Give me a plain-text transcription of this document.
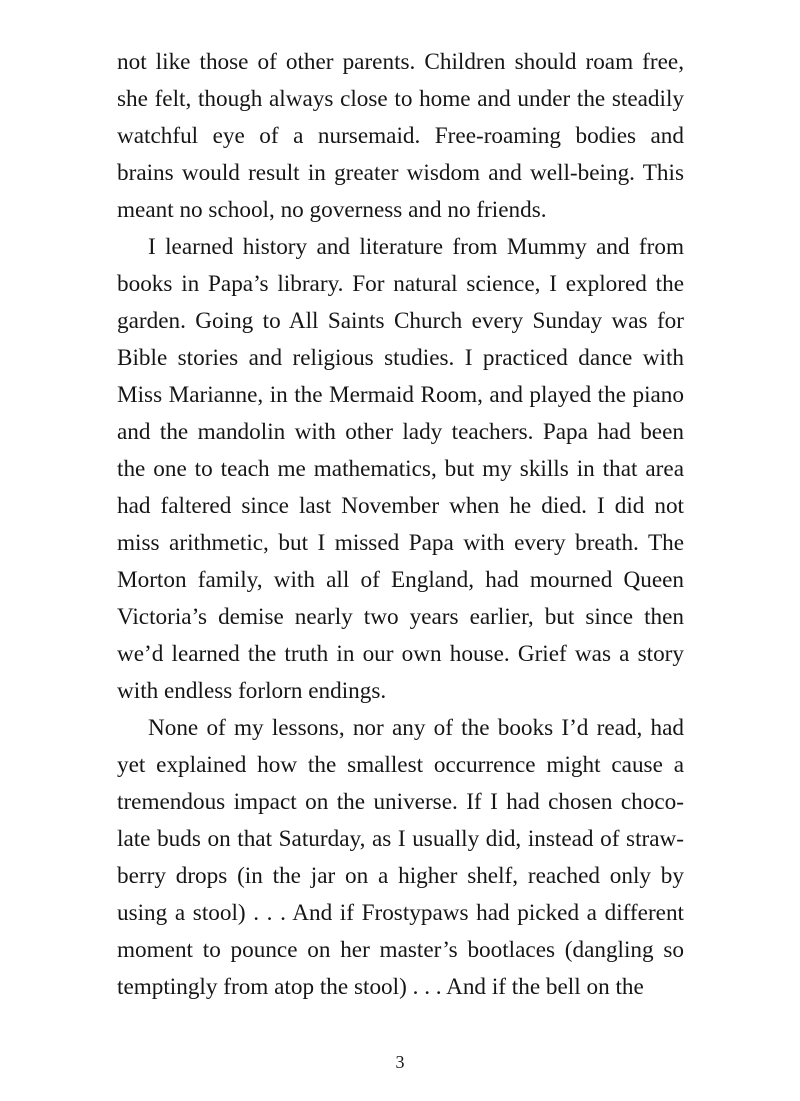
not like those of other parents. Children should roam free, she felt, though always close to home and under the steadily watchful eye of a nursemaid. Free-roaming bodies and brains would result in greater wisdom and well-being. This meant no school, no governess and no friends.

I learned history and literature from Mummy and from books in Papa’s library. For natural science, I explored the garden. Going to All Saints Church every Sunday was for Bible stories and religious studies. I practiced dance with Miss Marianne, in the Mermaid Room, and played the piano and the mandolin with other lady teachers. Papa had been the one to teach me mathematics, but my skills in that area had faltered since last November when he died. I did not miss arithmetic, but I missed Papa with every breath. The Morton family, with all of England, had mourned Queen Victoria’s demise nearly two years earlier, but since then we’d learned the truth in our own house. Grief was a story with endless forlorn endings.

None of my lessons, nor any of the books I’d read, had yet explained how the smallest occurrence might cause a tremendous impact on the universe. If I had chosen chocolate buds on that Saturday, as I usually did, instead of strawberry drops (in the jar on a higher shelf, reached only by using a stool) . . . And if Frostypaws had picked a different moment to pounce on her master’s bootlaces (dangling so temptingly from atop the stool) . . . And if the bell on the

3
